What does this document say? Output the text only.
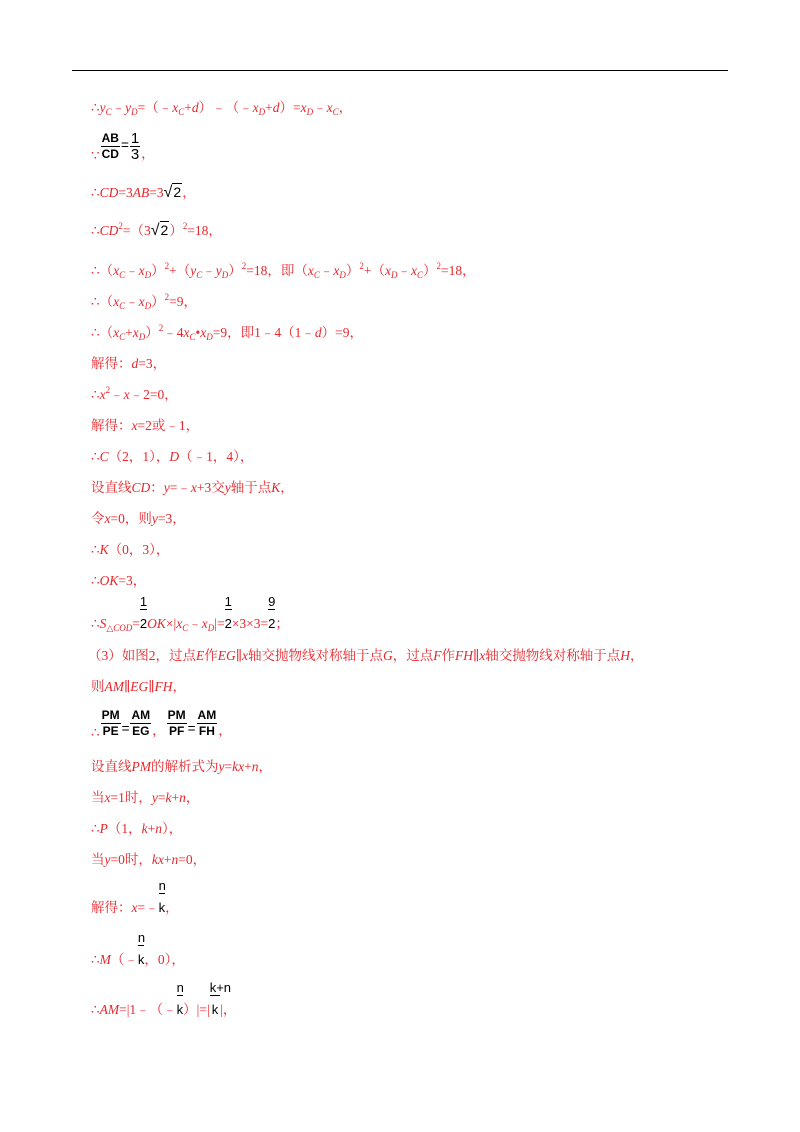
$\therefore y_C﹣y_D=(﹣x_C+d)﹣(﹣x_D+d)=x_D﹣x_C$，
∵ $\frac{AB}{CD} = \frac{1}{3}$ ，
∴CD=3AB=3√2，
$\therefore CD^2=(3√2)^2=18$，
$\therefore(x_C﹣x_D)^2+(y_C﹣y_D)^2=18$，即$(x_C﹣x_D)^2+(x_D﹣x_C)^2=18$，
$\therefore(x_C﹣x_D)^2=9$，
$\therefore(x_C+x_D)^2﹣4x_C•x_D=9$，即1﹣4（1﹣d）=9，
解得：d=3，
$\therefore x^2﹣x﹣2=0$，
解得：x=2或﹣1，
∴C（2，1），D（﹣1，4），
设直线CD：y=﹣x+3交y轴于点K，
令x=0，则y=3，
∴K（0，3），
∴OK=3，
$\therefore S_{\triangle COD}=$ $\frac{1}{2}OK\times|x_C﹣x_D|= \frac{1}{2}\times 3\times 3= \frac{9}{2}$；
（3）如图2，过点E作EG∥x轴交抛物线对称轴于点G，过点F作FH∥x轴交抛物线对称轴于点H，
则AM∥EG∥FH，
∴ $\frac{PM}{PE} = \frac{AM}{EG}$ ， $\frac{PM}{PF} = \frac{AM}{FH}$ ，
设直线PM的解析式为y=kx+n，
当x=1时，y=k+n，
∴P（1，k+n），
当y=0时，kx+n=0，
解得：x=﹣ $\frac{n}{k}$，
∴M（﹣ $\frac{n}{k}$，0），
∴AM=|1﹣（﹣ $\frac{n}{k})|=| \frac{k+n}{k}|$，
